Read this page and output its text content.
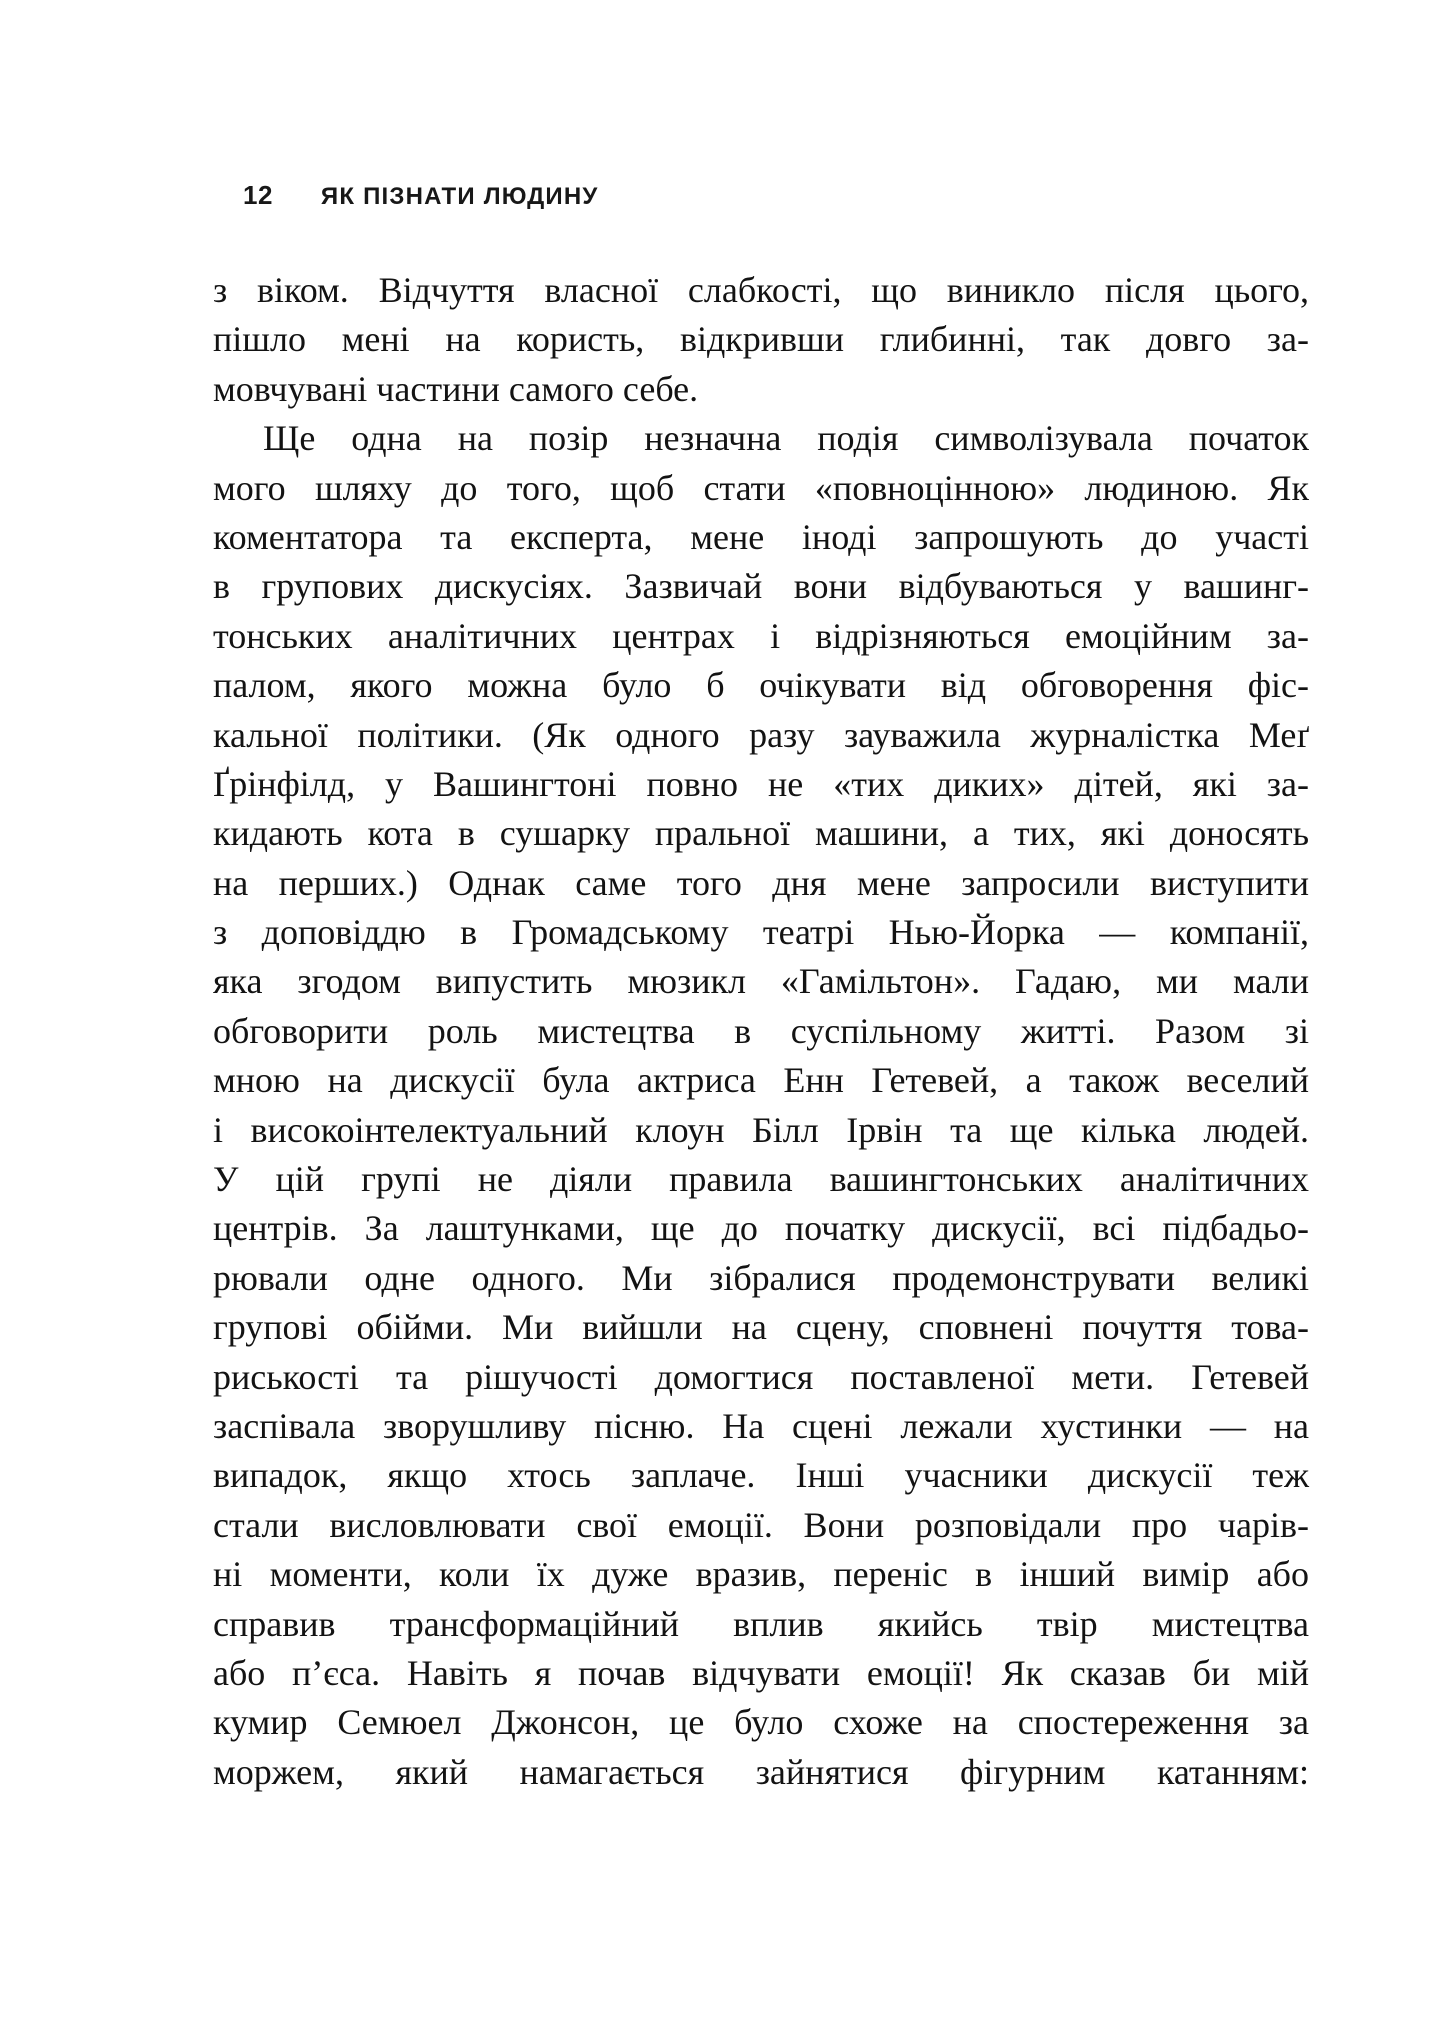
12 ЯК ПІЗНАТИ ЛЮДИНУ
з віком. Відчуття власної слабкості, що виникло після цього,
пішло мені на користь, відкривши глибинні, так довго за-
мовчувані частини самого себе.
Ще одна на позір незначна подія символізувала початок
мого шляху до того, щоб стати «повноцінною» людиною. Як
коментатора та експерта, мене іноді запрошують до участі
в групових дискусіях. Зазвичай вони відбуваються у вашинг-
тонських аналітичних центрах і відрізняються емоційним за-
палом, якого можна було б очікувати від обговорення фіс-
кальної політики. (Як одного разу зауважила журналістка Меґ
Ґрінфілд, у Вашингтоні повно не «тих диких» дітей, які за-
кидають кота в сушарку пральної машини, а тих, які доносять
на перших.) Однак саме того дня мене запросили виступити
з доповіддю в Громадському театрі Нью-Йорка — компанії,
яка згодом випустить мюзикл «Гамільтон». Гадаю, ми мали
обговорити роль мистецтва в суспільному житті. Разом зі
мною на дискусії була актриса Енн Гетевей, а також веселий
і високоінтелектуальний клоун Білл Ірвін та ще кілька людей.
У цій групі не діяли правила вашингтонських аналітичних
центрів. За лаштунками, ще до початку дискусії, всі підбадьо-
рювали одне одного. Ми зібралися продемонструвати великі
групові обійми. Ми вийшли на сцену, сповнені почуття това-
риськості та рішучості домогтися поставленої мети. Гетевей
заспівала зворушливу пісню. На сцені лежали хустинки — на
випадок, якщо хтось заплаче. Інші учасники дискусії теж
стали висловлювати свої емоції. Вони розповідали про чарів-
ні моменти, коли їх дуже вразив, переніс в інший вимір або
справив трансформаційний вплив якийсь твір мистецтва
або п’єса. Навіть я почав відчувати емоції! Як сказав би мій
кумир Семюел Джонсон, це було схоже на спостереження за
моржем, який намагається зайнятися фігурним катанням:
